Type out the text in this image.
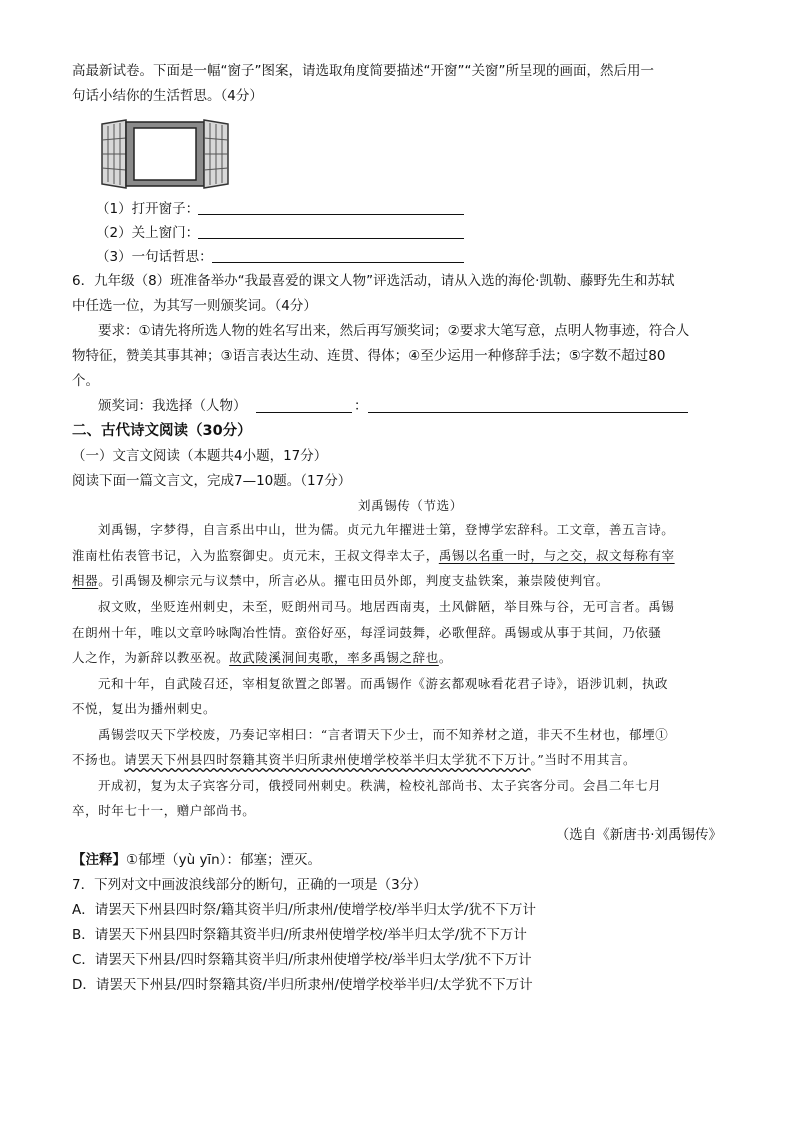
高最新试卷。下面是一幅“窗子”图案，请选取角度简要描述“开窗”“关窗”所呈现的画面，然后用一
句话小结你的生活哲思。（4分）
（1）打开窗子：
（2）关上窗门：
（3）一句话哲思：
6．九年级（8）班准备举办“我最喜爱的课文人物”评选活动，请从入选的海伦·凯勒、藤野先生和苏轼
中任选一位，为其写一则颁奖词。（4分）
要求：①请先将所选人物的姓名写出来，然后再写颁奖词；②要求大笔写意，点明人物事迹，符合人
物特征，赞美其事其神；③语言表达生动、连贯、得体；④至少运用一种修辞手法；⑤字数不超过80
个。
颁奖词：我选择（人物）	：
二、古代诗文阅读（30分）
（一）文言文阅读（本题共4小题，17分）
阅读下面一篇文言文，完成7—10题。（17分）
刘禹锡传（节选）
刘禹锡，字梦得，自言系出中山，世为儒。贞元九年擢进士第，登博学宏辞科。工文章，善五言诗。
淮南杜佑表管书记，入为监察御史。贞元末，王叔文得幸太子，禹锡以名重一时，与之交，叔文每称有宰
相器。引禹锡及柳宗元与议禁中，所言必从。擢屯田员外郎，判度支盐铁案，兼崇陵使判官。
叔文败，坐贬连州刺史，未至，贬朗州司马。地居西南夷，土风僻陋，举目殊与谷，无可言者。禹锡
在朗州十年，唯以文章吟咏陶冶性情。蛮俗好巫，每淫词鼓舞，必歌俚辞。禹锡或从事于其间，乃依骚
人之作，为新辞以教巫祝。故武陵溪洞间夷歌，率多禹锡之辞也。
元和十年，自武陵召还，宰相复欲置之郎署。而禹锡作《游玄都观咏看花君子诗》，语涉讥刺，执政
不悦，复出为播州刺史。
禹锡尝叹天下学校废，乃奏记宰相曰：“言者谓天下少士，而不知养材之道，非天不生材也，郁堙①
不扬也。请罢天下州县四时祭籍其资半归所隶州使增学校举半归太学犹不下万计。”当时不用其言。
开成初，复为太子宾客分司，俄授同州刺史。秩满，检校礼部尚书、太子宾客分司。会昌二年七月
卒，时年七十一，赠户部尚书。
（选自《新唐书·刘禹锡传》
【注释】①郁堙（yù yīn）：郁塞；湮灭。
7．下列对文中画波浪线部分的断句，正确的一项是（3分）
A．请罢天下州县四时祭/籍其资半归/所隶州/使增学校/举半归太学/犹不下万计
B．请罢天下州县四时祭籍其资半归/所隶州使增学校/举半归太学/犹不下万计
C．请罢天下州县/四时祭籍其资半归/所隶州使增学校/举半归太学/犹不下万计
D．请罢天下州县/四时祭籍其资/半归所隶州/使增学校举半归/太学犹不下万计
